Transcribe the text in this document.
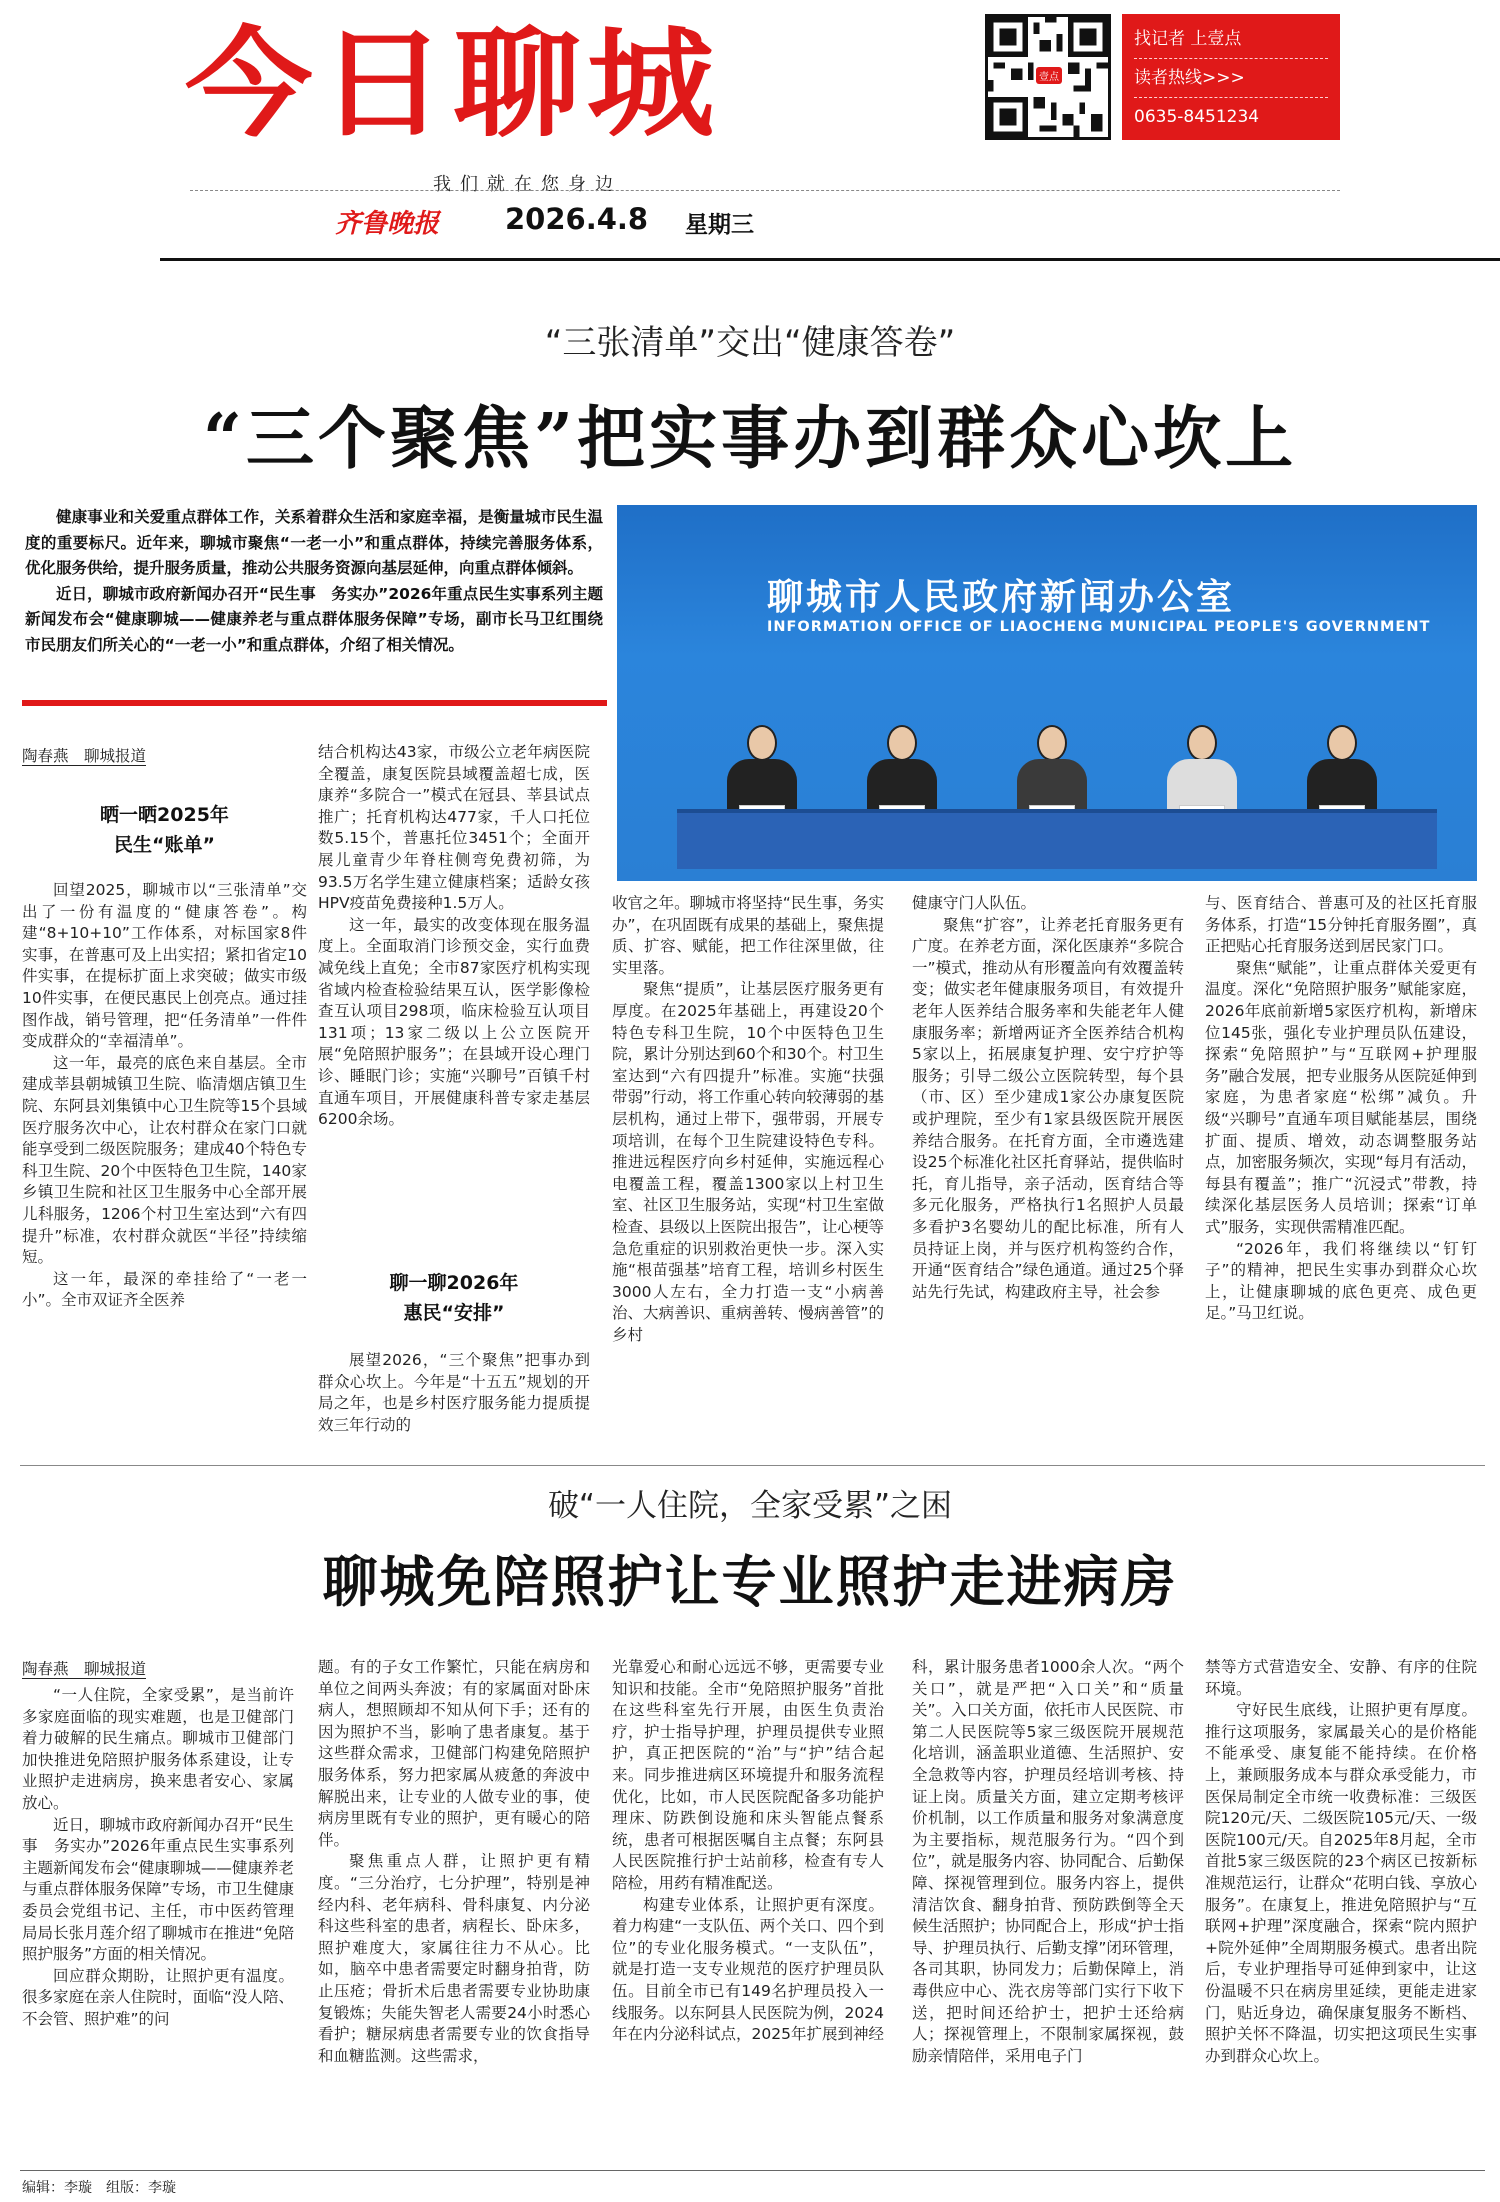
今日聊城	壹点
找记者 上壹点
读者热线>>>
0635-8451234
我们就在您身边
齐鲁晚报 2026.4.8 星期三
“三张清单”交出“健康答卷”
“三个聚焦”把实事办到群众心坎上

健康事业和关爱重点群体工作，关系着群众生活和家庭幸福，是衡量城市民生温度的重要标尺。近年来，聊城市聚焦“一老一小”和重点群体，持续完善服务体系，优化服务供给，提升服务质量，推动公共服务资源向基层延伸，向重点群体倾斜。

近日，聊城市政府新闻办召开“民生事　务实办”2026年重点民生实事系列主题新闻发布会“健康聊城——健康养老与重点群体服务保障”专场，副市长马卫红围绕市民朋友们所关心的“一老一小”和重点群体，介绍了相关情况。

聊城市人民政府新闻办公室
INFORMATION OFFICE OF LIAOCHENG MUNICIPAL PEOPLE'S GOVERNMENT
陶春燕　聊城报道
晒一晒2025年
民生“账单”

回望2025，聊城市以“三张清单”交出了一份有温度的“健康答卷”。构建“8+10+10”工作体系，对标国家8件实事，在普惠可及上出实招；紧扣省定10件实事，在提标扩面上求突破；做实市级10件实事，在便民惠民上创亮点。通过挂图作战，销号管理，把“任务清单”一件件变成群众的“幸福清单”。

这一年，最亮的底色来自基层。全市建成莘县朝城镇卫生院、临清烟店镇卫生院、东阿县刘集镇中心卫生院等15个县域医疗服务次中心，让农村群众在家门口就能享受到二级医院服务；建成40个特色专科卫生院、20个中医特色卫生院，140家乡镇卫生院和社区卫生服务中心全部开展儿科服务，1206个村卫生室达到“六有四提升”标准，农村群众就医“半径”持续缩短。

这一年，最深的牵挂给了“一老一小”。全市双证齐全医养

结合机构达43家，市级公立老年病医院全覆盖，康复医院县域覆盖超七成，医康养“多院合一”模式在冠县、莘县试点推广；托育机构达477家，千人口托位数5.15个，普惠托位3451个；全面开展儿童青少年脊柱侧弯免费初筛，为93.5万名学生建立健康档案；适龄女孩HPV疫苗免费接种1.5万人。

这一年，最实的改变体现在服务温度上。全面取消门诊预交金，实行血费减免线上直免；全市87家医疗机构实现省域内检查检验结果互认，医学影像检查互认项目298项，临床检验互认项目131项；13家二级以上公立医院开展“免陪照护服务”；在县域开设心理门诊、睡眠门诊；实施“兴聊号”百镇千村直通车项目，开展健康科普专家走基层6200余场。

聊一聊2026年
惠民“安排”

展望2026，“三个聚焦”把事办到群众心坎上。今年是“十五五”规划的开局之年，也是乡村医疗服务能力提质提效三年行动的

收官之年。聊城市将坚持“民生事，务实办”，在巩固既有成果的基础上，聚焦提质、扩容、赋能，把工作往深里做，往实里落。

聚焦“提质”，让基层医疗服务更有厚度。在2025年基础上，再建设20个特色专科卫生院，10个中医特色卫生院，累计分别达到60个和30个。村卫生室达到“六有四提升”标准。实施“扶强带弱”行动，将工作重心转向较薄弱的基层机构，通过上带下，强带弱，开展专项培训，在每个卫生院建设特色专科。推进远程医疗向乡村延伸，实施远程心电覆盖工程，覆盖1300家以上村卫生室、社区卫生服务站，实现“村卫生室做检查、县级以上医院出报告”，让心梗等急危重症的识别救治更快一步。深入实施“根苗强基”培育工程，培训乡村医生3000人左右，全力打造一支“小病善治、大病善识、重病善转、慢病善管”的乡村

健康守门人队伍。

聚焦“扩容”，让养老托育服务更有广度。在养老方面，深化医康养“多院合一”模式，推动从有形覆盖向有效覆盖转变；做实老年健康服务项目，有效提升老年人医养结合服务率和失能老年人健康服务率；新增两证齐全医养结合机构5家以上，拓展康复护理、安宁疗护等服务；引导二级公立医院转型，每个县（市、区）至少建成1家公办康复医院或护理院，至少有1家县级医院开展医养结合服务。在托育方面，全市遴选建设25个标准化社区托育驿站，提供临时托，育儿指导，亲子活动，医育结合等多元化服务，严格执行1名照护人员最多看护3名婴幼儿的配比标准，所有人员持证上岗，并与医疗机构签约合作，开通“医育结合”绿色通道。通过25个驿站先行先试，构建政府主导，社会参

与、医育结合、普惠可及的社区托育服务体系，打造“15分钟托育服务圈”，真正把贴心托育服务送到居民家门口。

聚焦“赋能”，让重点群体关爱更有温度。深化“免陪照护服务”赋能家庭，2026年底前新增5家医疗机构，新增床位145张，强化专业护理员队伍建设，探索“免陪照护”与“互联网+护理服务”融合发展，把专业服务从医院延伸到家庭，为患者家庭“松绑”减负。升级“兴聊号”直通车项目赋能基层，围绕扩面、提质、增效，动态调整服务站点，加密服务频次，实现“每月有活动，每县有覆盖”；推广“沉浸式”带教，持续深化基层医务人员培训；探索“订单式”服务，实现供需精准匹配。

“2026年，我们将继续以“钉钉子”的精神，把民生实事办到群众心坎上，让健康聊城的底色更亮、成色更足。”马卫红说。

破“一人住院，全家受累”之困
聊城免陪照护让专业照护走进病房
陶春燕　聊城报道

“一人住院，全家受累”，是当前许多家庭面临的现实难题，也是卫健部门着力破解的民生痛点。聊城市卫健部门加快推进免陪照护服务体系建设，让专业照护走进病房，换来患者安心、家属放心。

近日，聊城市政府新闻办召开“民生事　务实办”2026年重点民生实事系列主题新闻发布会“健康聊城——健康养老与重点群体服务保障”专场，市卫生健康委员会党组书记、主任，市中医药管理局局长张月莲介绍了聊城市在推进“免陪照护服务”方面的相关情况。

回应群众期盼，让照护更有温度。很多家庭在亲人住院时，面临“没人陪、不会管、照护难”的问

题。有的子女工作繁忙，只能在病房和单位之间两头奔波；有的家属面对卧床病人，想照顾却不知从何下手；还有的因为照护不当，影响了患者康复。基于这些群众需求，卫健部门构建免陪照护服务体系，努力把家属从疲惫的奔波中解脱出来，让专业的人做专业的事，使病房里既有专业的照护，更有暖心的陪伴。

聚焦重点人群，让照护更有精度。“三分治疗，七分护理”，特别是神经内科、老年病科、骨科康复、内分泌科这些科室的患者，病程长、卧床多，照护难度大，家属往往力不从心。比如，脑卒中患者需要定时翻身拍背，防止压疮；骨折术后患者需要专业协助康复锻炼；失能失智老人需要24小时悉心看护；糖尿病患者需要专业的饮食指导和血糖监测。这些需求，

光靠爱心和耐心远远不够，更需要专业知识和技能。全市“免陪照护服务”首批在这些科室先行开展，由医生负责治疗，护士指导护理，护理员提供专业照护，真正把医院的“治”与“护”结合起来。同步推进病区环境提升和服务流程优化，比如，市人民医院配备多功能护理床、防跌倒设施和床头智能点餐系统，患者可根据医嘱自主点餐；东阿县人民医院推行护士站前移，检查有专人陪检，用药有精准配送。

构建专业体系，让照护更有深度。着力构建“一支队伍、两个关口、四个到位”的专业化服务模式。“一支队伍”，就是打造一支专业规范的医疗护理员队伍。目前全市已有149名护理员投入一线服务。以东阿县人民医院为例，2024年在内分泌科试点，2025年扩展到神经

科，累计服务患者1000余人次。“两个关口”，就是严把“入口关”和“质量关”。入口关方面，依托市人民医院、市第二人民医院等5家三级医院开展规范化培训，涵盖职业道德、生活照护、安全急救等内容，护理员经培训考核、持证上岗。质量关方面，建立定期考核评价机制，以工作质量和服务对象满意度为主要指标，规范服务行为。“四个到位”，就是服务内容、协同配合、后勤保障、探视管理到位。服务内容上，提供清洁饮食、翻身拍背、预防跌倒等全天候生活照护；协同配合上，形成“护士指导、护理员执行、后勤支撑”闭环管理，各司其职，协同发力；后勤保障上，消毒供应中心、洗衣房等部门实行下收下送，把时间还给护士，把护士还给病人；探视管理上，不限制家属探视，鼓励亲情陪伴，采用电子门

禁等方式营造安全、安静、有序的住院环境。

守好民生底线，让照护更有厚度。推行这项服务，家属最关心的是价格能不能承受、康复能不能持续。在价格上，兼顾服务成本与群众承受能力，市医保局制定全市统一收费标准：三级医院120元/天、二级医院105元/天、一级医院100元/天。自2025年8月起，全市首批5家三级医院的23个病区已按新标准规范运行，让群众“花明白钱、享放心服务”。在康复上，推进免陪照护与“互联网+护理”深度融合，探索“院内照护+院外延伸”全周期服务模式。患者出院后，专业护理指导可延伸到家中，让这份温暖不只在病房里延续，更能走进家门，贴近身边，确保康复服务不断档、照护关怀不降温，切实把这项民生实事办到群众心坎上。

编辑：李璇　组版：李璇
